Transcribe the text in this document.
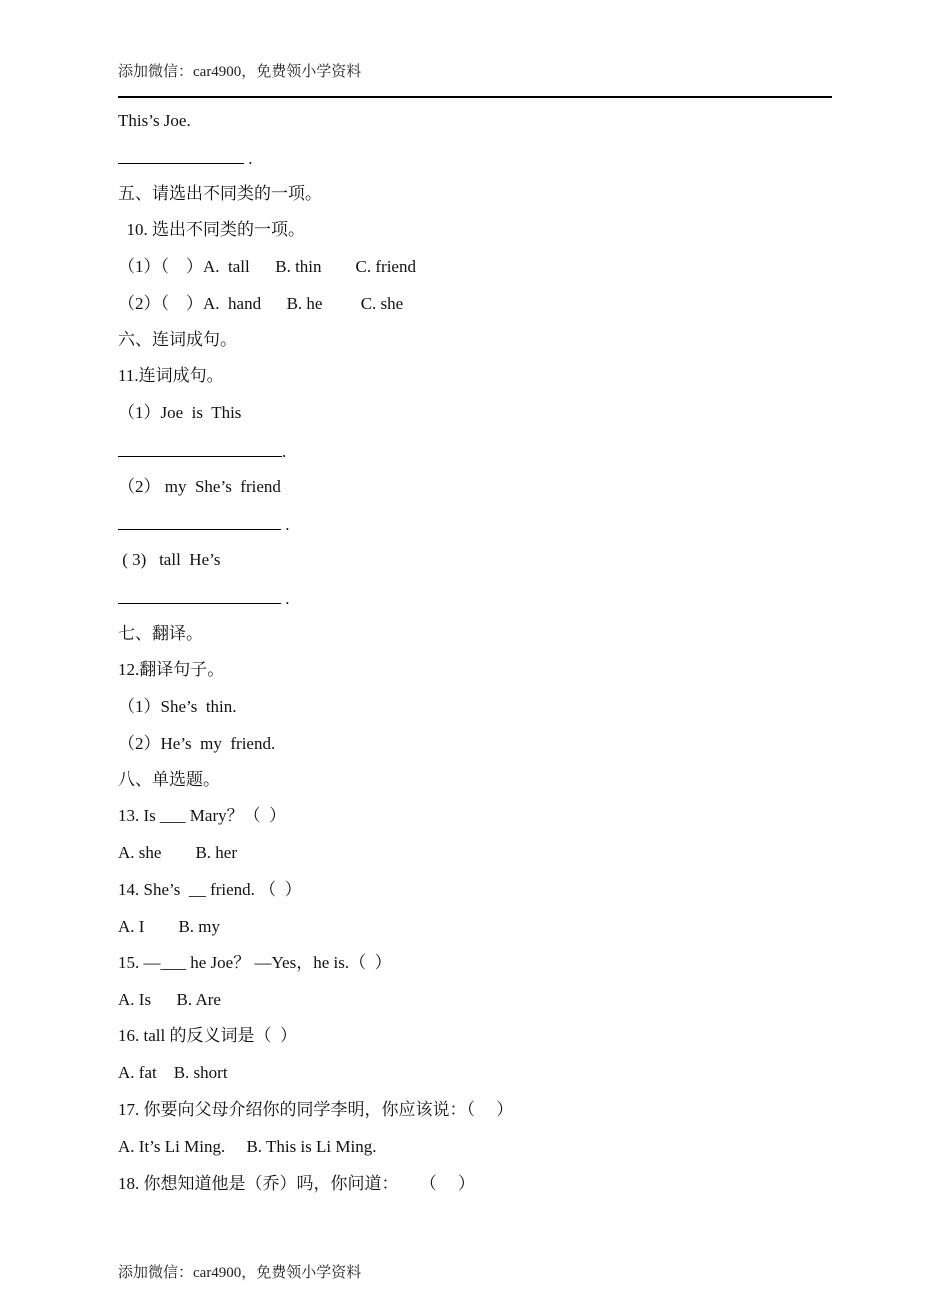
添加微信：car4900，免费领小学资料
This’s Joe.
.
五、请选出不同类的一项。
10. 选出不同类的一项。
（1）（    ）A.  tall      B. thin        C. friend
（2）（    ）A.  hand      B. he         C. she
六、连词成句。
11.连词成句。
（1）Joe  is  This
.
（2） my  She’s  friend
.
( 3)   tall  He’s
.
七、翻译。
12.翻译句子。
（1）She’s  thin.
（2）He’s  my  friend.
八、单选题。
13. Is ___ Mary？（  ）
A. she        B. her
14. She’s  __ friend. （  ）
A. I        B. my
15. —___ he Joe？ —Yes，he is.（  ）
A. Is      B. Are
16. tall 的反义词是（  ）
A. fat    B. short
17. 你要向父母介绍你的同学李明，你应该说：（     ）
A. It’s Li Ming.     B. This is Li Ming.
18. 你想知道他是（乔）吗，你问道：     （     ）
添加微信：car4900，免费领小学资料
